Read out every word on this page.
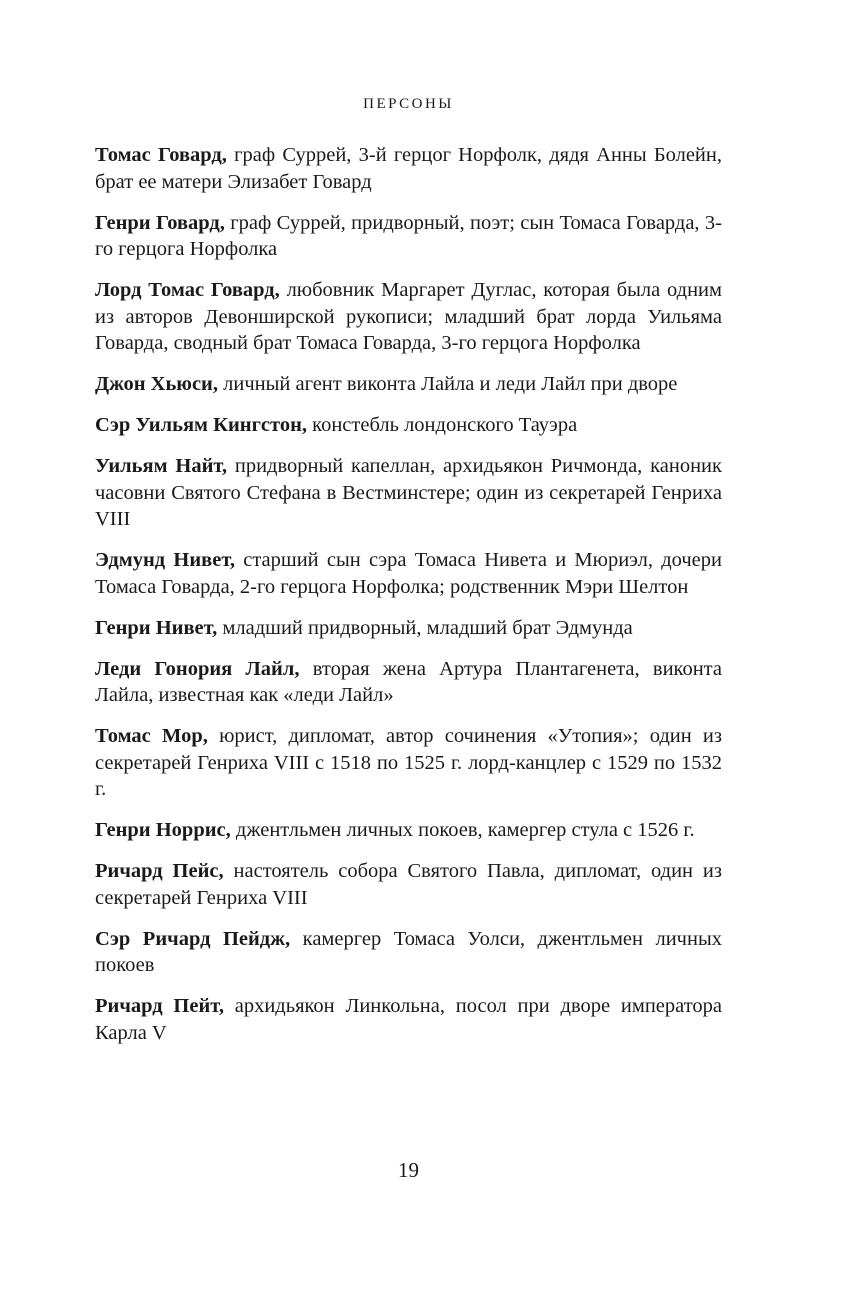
ПЕРСОНЫ

Томас Говард, граф Суррей, 3-й герцог Норфолк, дядя Анны Болейн, брат ее матери Элизабет Говард

Генри Говард, граф Суррей, придворный, поэт; сын Томаса Говарда, 3-го герцога Норфолка

Лорд Томас Говард, любовник Маргарет Дуглас, которая была одним из авторов Девонширской рукописи; младший брат лорда Уильяма Говарда, сводный брат Томаса Говарда, 3-го герцога Норфолка

Джон Хьюси, личный агент виконта Лайла и леди Лайл при дворе

Сэр Уильям Кингстон, констебль лондонского Тауэра

Уильям Найт, придворный капеллан, архидьякон Ричмонда, каноник часовни Святого Стефана в Вестминстере; один из секретарей Генриха VIII

Эдмунд Нивет, старший сын сэра Томаса Нивета и Мюриэл, дочери Томаса Говарда, 2-го герцога Норфолка; родственник Мэри Шелтон

Генри Нивет, младший придворный, младший брат Эдмунда

Леди Гонория Лайл, вторая жена Артура Плантагенета, виконта Лайла, известная как «леди Лайл»

Томас Мор, юрист, дипломат, автор сочинения «Утопия»; один из секретарей Генриха VIII с 1518 по 1525 г. лорд-канцлер с 1529 по 1532 г.

Генри Норрис, джентльмен личных покоев, камергер стула с 1526 г.

Ричард Пейс, настоятель собора Святого Павла, дипломат, один из секретарей Генриха VIII

Сэр Ричард Пейдж, камергер Томаса Уолси, джентльмен личных покоев

Ричард Пейт, архидьякон Линкольна, посол при дворе императора Карла V

19
